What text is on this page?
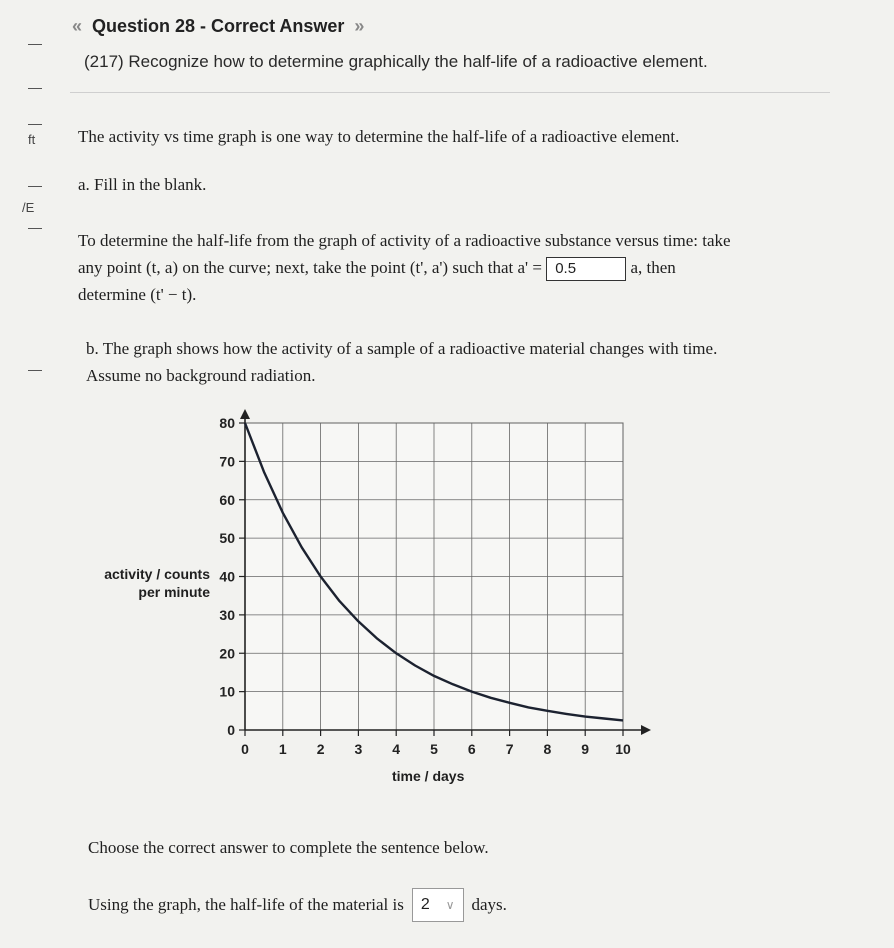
ft
/E
« Question 28 - Correct Answer »
(217) Recognize how to determine graphically the half-life of a radioactive element.
The activity vs time graph is one way to determine the half-life of a radioactive element.
a. Fill in the blank.
To determine the half-life from the graph of activity of a radioactive substance versus time: take
any point (t, a) on the curve; next, take the point (t', a') such that a' = 0.5	a, then
determine (t' − t).
b. The graph shows how the activity of a sample of a radioactive material changes with time.
Assume no background radiation.
activity / counts
per minute
time / days
0 1 2 3 4 5 6 7 8 9 10
0
10
20
30
40
50
60
70
80
Choose the correct answer to complete the sentence below.
Using the graph, the half-life of the material is 2 ∨ days.
